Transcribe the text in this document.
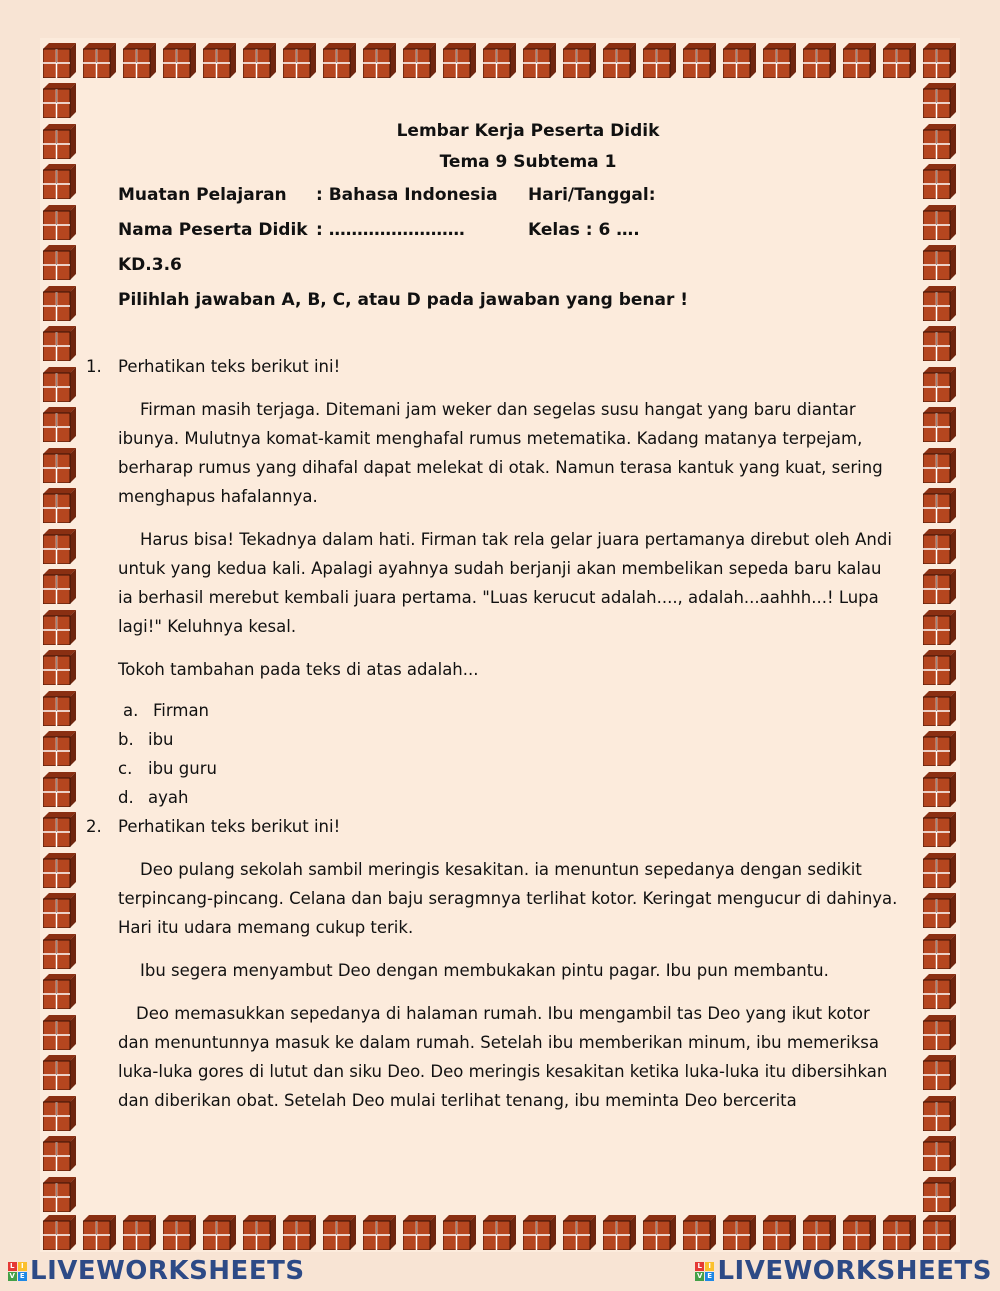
Lembar Kerja Peserta Didik
Tema 9 Subtema 1
Muatan Pelajaran	: Bahasa Indonesia	Hari/Tanggal:
Nama Peserta Didik : ……………………	Kelas : 6 ….
KD.3.6
Pilihlah jawaban A, B, C, atau D pada jawaban yang benar !
1. Perhatikan teks berikut ini!
Firman masih terjaga. Ditemani jam weker dan segelas susu hangat yang baru diantar ibunya. Mulutnya komat-kamit menghafal rumus metematika. Kadang matanya terpejam, berharap rumus yang dihafal dapat melekat di otak. Namun terasa kantuk yang kuat, sering menghapus hafalannya.
Harus bisa! Tekadnya dalam hati. Firman tak rela gelar juara pertamanya direbut oleh Andi untuk yang kedua kali. Apalagi ayahnya sudah berjanji akan membelikan sepeda baru kalau ia berhasil merebut kembali juara pertama. "Luas kerucut adalah...., adalah...aahhh...! Lupa lagi!" Keluhnya kesal.
Tokoh tambahan pada teks di atas adalah...
a. Firman
b. ibu
c. ibu guru
d. ayah
2. Perhatikan teks berikut ini!
Deo pulang sekolah sambil meringis kesakitan. ia menuntun sepedanya dengan sedikit terpincang-pincang. Celana dan baju seragmnya terlihat kotor. Keringat mengucur di dahinya. Hari itu udara memang cukup terik.
Ibu segera menyambut Deo dengan membukakan pintu pagar. Ibu pun membantu.
Deo memasukkan sepedanya di halaman rumah. Ibu mengambil tas Deo yang ikut kotor dan menuntunnya masuk ke dalam rumah. Setelah ibu memberikan minum, ibu memeriksa luka-luka gores di lutut dan siku Deo. Deo meringis kesakitan ketika luka-luka itu dibersihkan dan diberikan obat. Setelah Deo mulai terlihat tenang, ibu meminta Deo bercerita
L I
V E LIVEWORKSHEETS	L I
V E LIVEWORKSHEETS
